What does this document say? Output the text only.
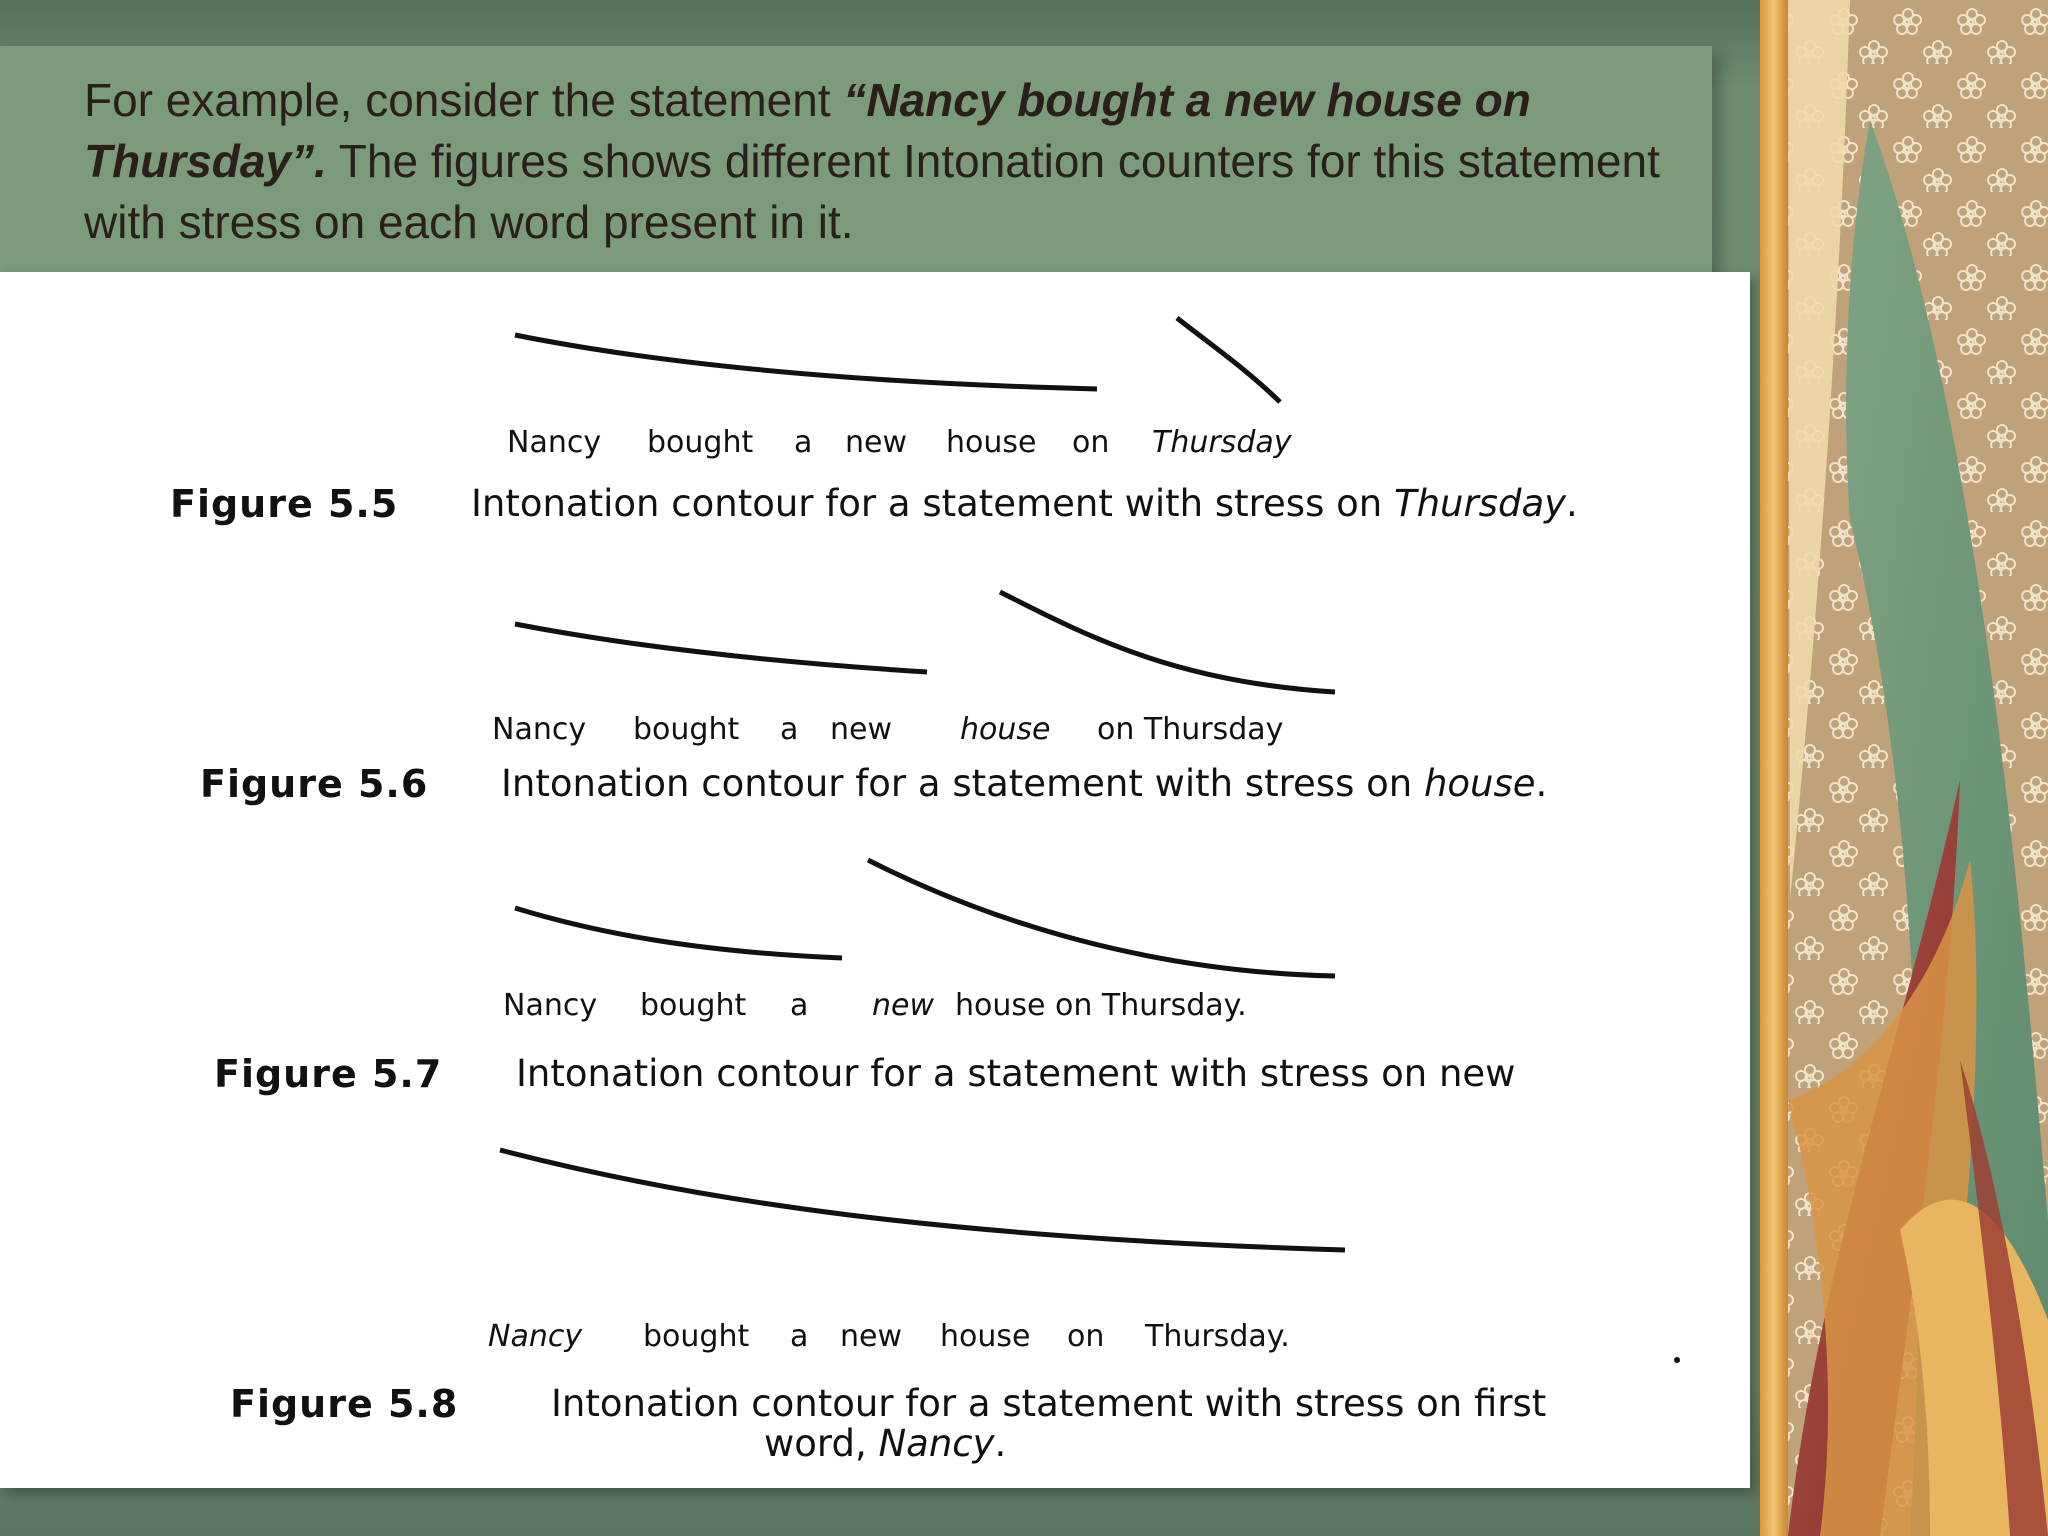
For example, consider the statement “Nancy bought a new house on Thursday”. The figures shows different Intonation counters for this statement with stress on each word present in it.
Nancy bought a new house on Thursday
Figure 5.5 Intonation contour for a statement with stress on Thursday.
Nancy bought a new house on Thursday
Figure 5.6 Intonation contour for a statement with stress on house.
Nancy bought a new house on Thursday.
Figure 5.7 Intonation contour for a statement with stress on new
Nancy bought a new house on Thursday.
Figure 5.8	Intonation contour for a statement with stress on first
word, Nancy.
